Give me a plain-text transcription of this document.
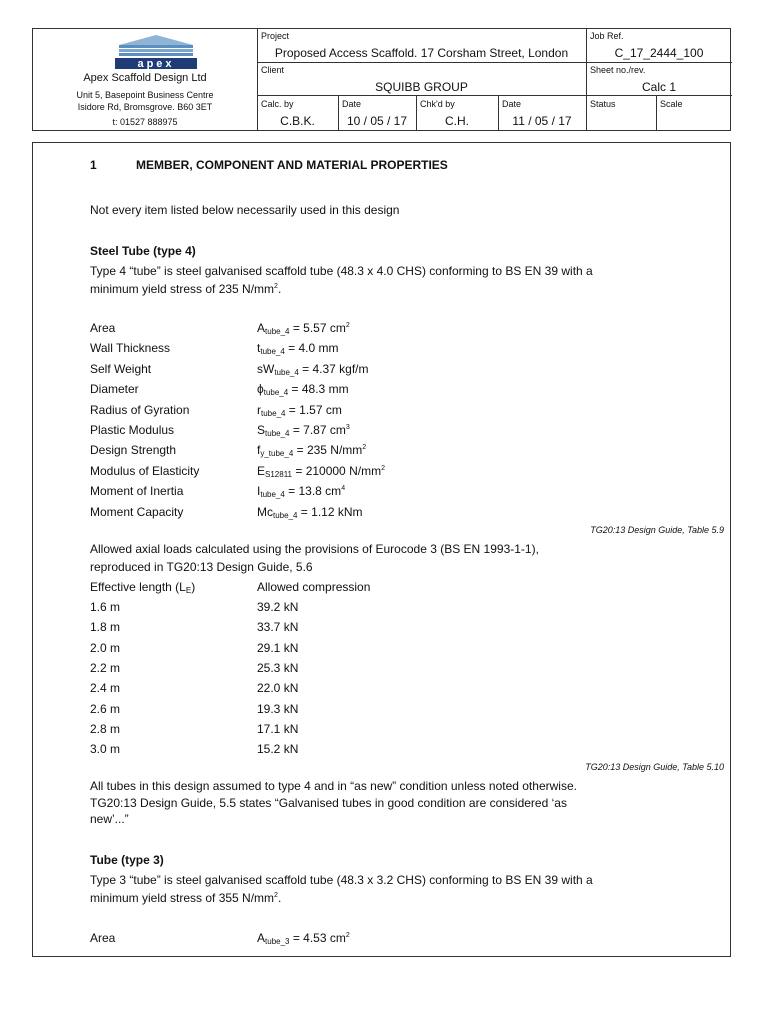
apex
Apex Scaffold Design Ltd
Unit 5, Basepoint Business Centre
Isidore Rd, Bromsgrove. B60 3ET
t: 01527 888975
Project
Proposed Access Scaffold. 17 Corsham Street, London
Job Ref.
C_17_2444_100
Client
SQUIBB GROUP
Sheet no./rev.
Calc 1
Calc. by
C.B.K.
Date
10 / 05 / 17
Chk'd by
C.H.
Date
11 / 05 / 17
Status	Scale
1	MEMBER, COMPONENT AND MATERIAL PROPERTIES
Not every item listed below necessarily used in this design
Steel Tube (type 4)
Type 4 “tube” is steel galvanised scaffold tube (48.3 x 4.0 CHS) conforming to BS EN 39 with a
minimum yield stress of 235 $N/mm^2$.
Area	$A_{tube\_4} = 5.57$ $cm^2$
Wall Thickness	$t_{tube\_4} = 4.0$ mm
Self Weight	$sW_{tube\_4} = 4.37$ kgf/m
Diameter	$\phi_{tube\_4} = 48.3$ mm
Radius of Gyration	$r_{tube\_4} = 1.57$ cm
Plastic Modulus	$S_{tube\_4} = 7.87$ $cm^3$
Design Strength	$f_{y\_tube\_4} = 235$ $N/mm^2$
Modulus of Elasticity	$E_{S12811} = 210000$ $N/mm^2$
Moment of Inertia	$I_{tube\_4} = 13.8$ $cm^4$
Moment Capacity	$Mc_{tube\_4} = 1.12$ kNm
TG20:13 Design Guide, Table 5.9
Allowed axial loads calculated using the provisions of Eurocode 3 (BS EN 1993-1-1),
reproduced in TG20:13 Design Guide, 5.6
Effective length $(L_E)$	Allowed compression
1.6 m	39.2 kN
1.8 m	33.7 kN
2.0 m	29.1 kN
2.2 m	25.3 kN
2.4 m	22.0 kN
2.6 m	19.3 kN
2.8 m	17.1 kN
3.0 m	15.2 kN
TG20:13 Design Guide, Table 5.10
All tubes in this design assumed to type 4 and in “as new” condition unless noted otherwise.
TG20:13 Design Guide, 5.5 states “Galvanised tubes in good condition are considered ‘as
new’...”
Tube (type 3)
Type 3 “tube” is steel galvanised scaffold tube (48.3 x 3.2 CHS) conforming to BS EN 39 with a
minimum yield stress of 355 $N/mm^2$.
Area	$A_{tube\_3} = 4.53$ $cm^2$
